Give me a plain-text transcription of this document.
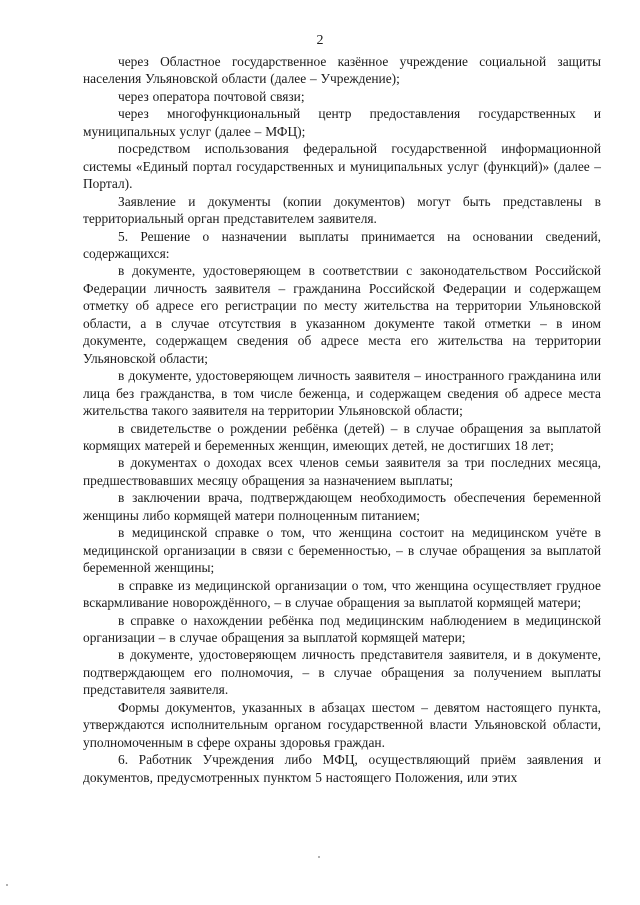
2

через Областное государственное казённое учреждение социальной защиты населения Ульяновской области (далее – Учреждение);

через оператора почтовой связи;

через многофункциональный центр предоставления государственных и муниципальных услуг (далее – МФЦ);

посредством использования федеральной государственной информационной системы «Единый портал государственных и муниципальных услуг (функций)» (далее – Портал).

Заявление и документы (копии документов) могут быть представлены в территориальный орган представителем заявителя.

5. Решение о назначении выплаты принимается на основании сведений, содержащихся:

в документе, удостоверяющем в соответствии с законодательством Российской Федерации личность заявителя – гражданина Российской Федерации и содержащем отметку об адресе его регистрации по месту жительства на территории Ульяновской области, а в случае отсутствия в указанном документе такой отметки – в ином документе, содержащем сведения об адресе места его жительства на территории Ульяновской области;

в документе, удостоверяющем личность заявителя – иностранного гражданина или лица без гражданства, в том числе беженца, и содержащем сведения об адресе места жительства такого заявителя на территории Ульяновской области;

в свидетельстве о рождении ребёнка (детей) – в случае обращения за выплатой кормящих матерей и беременных женщин, имеющих детей, не достигших 18 лет;

в документах о доходах всех членов семьи заявителя за три последних месяца, предшествовавших месяцу обращения за назначением выплаты;

в заключении врача, подтверждающем необходимость обеспечения беременной женщины либо кормящей матери полноценным питанием;

в медицинской справке о том, что женщина состоит на медицинском учёте в медицинской организации в связи с беременностью, – в случае обращения за выплатой беременной женщины;

в справке из медицинской организации о том, что женщина осуществляет грудное вскармливание новорождённого, – в случае обращения за выплатой кормящей матери;

в справке о нахождении ребёнка под медицинским наблюдением в медицинской организации – в случае обращения за выплатой кормящей матери;

в документе, удостоверяющем личность представителя заявителя, и в документе, подтверждающем его полномочия, – в случае обращения за получением выплаты представителя заявителя.

Формы документов, указанных в абзацах шестом – девятом настоящего пункта, утверждаются исполнительным органом государственной власти Ульяновской области, уполномоченным в сфере охраны здоровья граждан.

6. Работник Учреждения либо МФЦ, осуществляющий приём заявления и документов, предусмотренных пунктом 5 настоящего Положения, или этих
